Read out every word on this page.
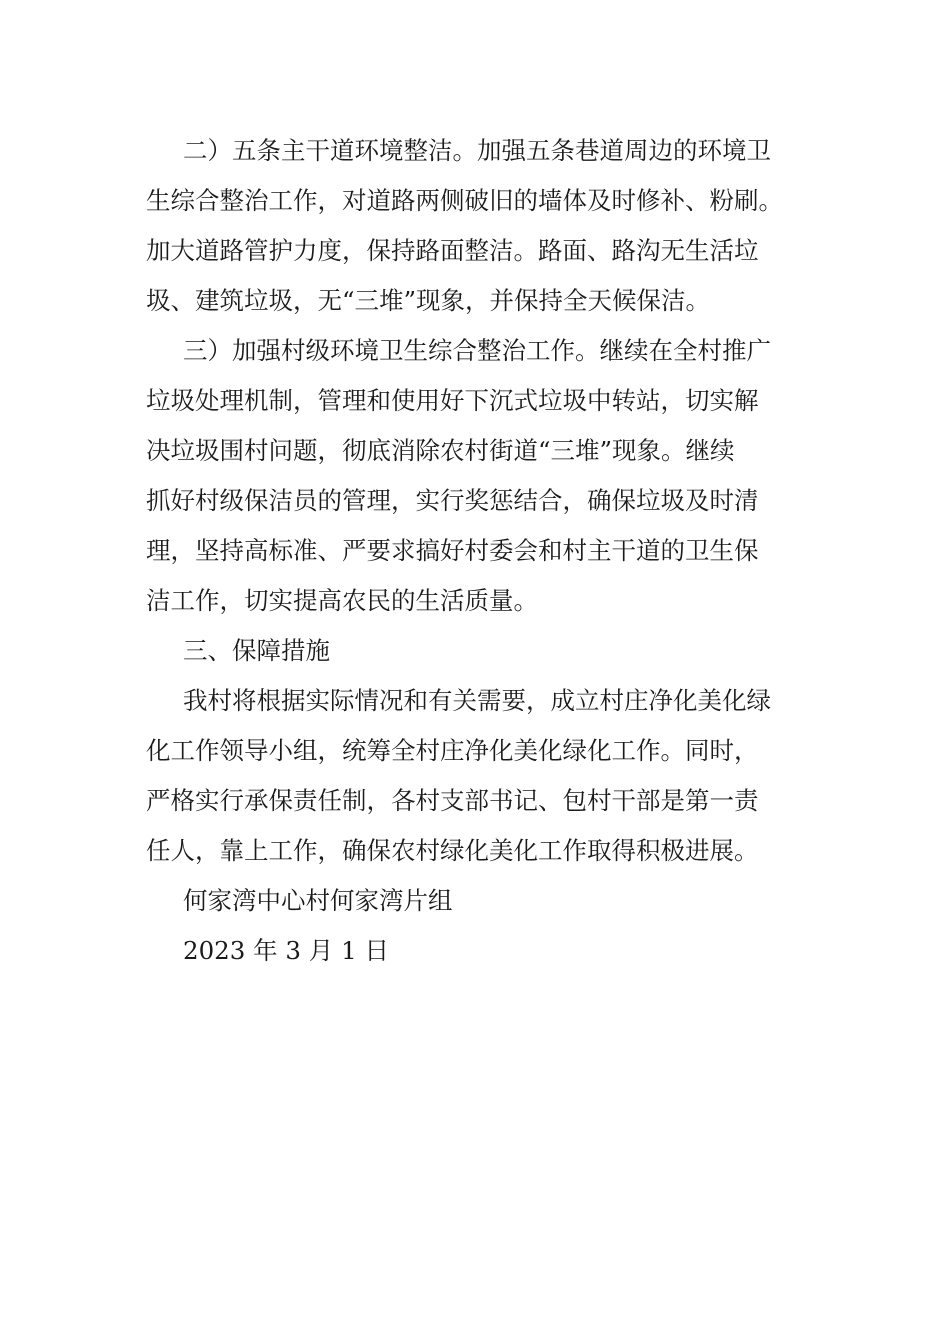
二）五条主干道环境整洁。加强五条巷道周边的环境卫

生综合整治工作，对道路两侧破旧的墙体及时修补、粉刷。

加大道路管护力度，保持路面整洁。路面、路沟无生活垃

圾、建筑垃圾，无“三堆”现象，并保持全天候保洁。

三）加强村级环境卫生综合整治工作。继续在全村推广

垃圾处理机制，管理和使用好下沉式垃圾中转站，切实解

决垃圾围村问题，彻底消除农村街道“三堆”现象。继续

抓好村级保洁员的管理，实行奖惩结合，确保垃圾及时清

理，坚持高标准、严要求搞好村委会和村主干道的卫生保

洁工作，切实提高农民的生活质量。

三、保障措施

我村将根据实际情况和有关需要，成立村庄净化美化绿

化工作领导小组，统筹全村庄净化美化绿化工作。同时，

严格实行承保责任制，各村支部书记、包村干部是第一责

任人，靠上工作，确保农村绿化美化工作取得积极进展。

何家湾中心村何家湾片组

2023 年 3 月 1 日
